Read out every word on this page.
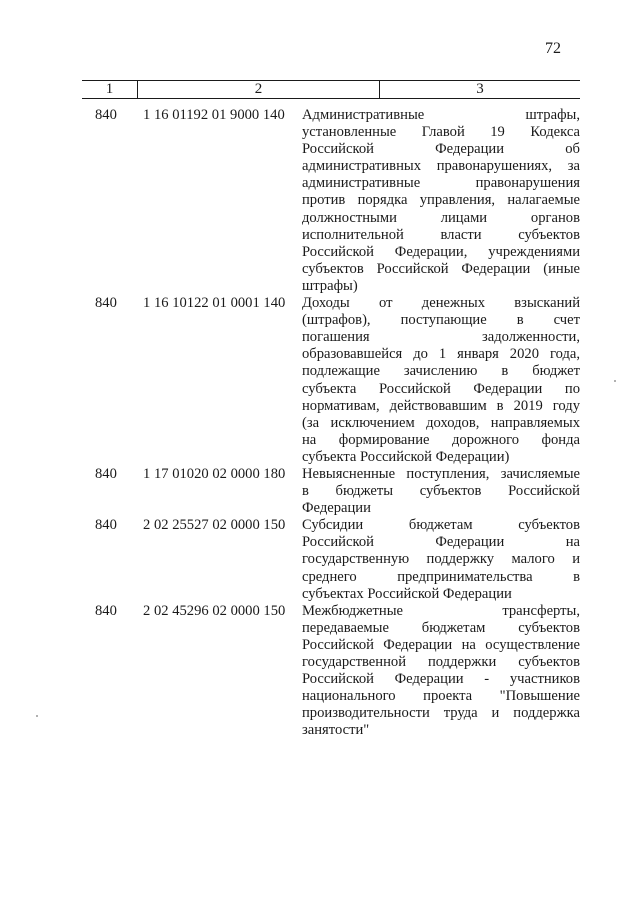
72
1	2	3
840	1 16 01192 01 9000 140 Административные штрафы,
установленные Главой 19 Кодекса
Российской Федерации об
административных правонарушениях, за
административные правонарушения
против порядка управления, налагаемые
должностными лицами органов
исполнительной власти субъектов
Российской Федерации, учреждениями
субъектов Российской Федерации (иные
штрафы)
840	1 16 10122 01 0001 140 Доходы от денежных взысканий
(штрафов), поступающие в счет
погашения задолженности,
образовавшейся до 1 января 2020 года,
подлежащие зачислению в бюджет
субъекта Российской Федерации по
нормативам, действовавшим в 2019 году
(за исключением доходов, направляемых
на формирование дорожного фонда
субъекта Российской Федерации)
840	1 17 01020 02 0000 180 Невыясненные поступления, зачисляемые
в бюджеты субъектов Российской
Федерации
840	2 02 25527 02 0000 150 Субсидии бюджетам субъектов
Российской Федерации на
государственную поддержку малого и
среднего предпринимательства в
субъектах Российской Федерации
840	2 02 45296 02 0000 150 Межбюджетные трансферты,
передаваемые бюджетам субъектов
Российской Федерации на осуществление
государственной поддержки субъектов
Российской Федерации - участников
национального проекта "Повышение
производительности труда и поддержка
занятости"
